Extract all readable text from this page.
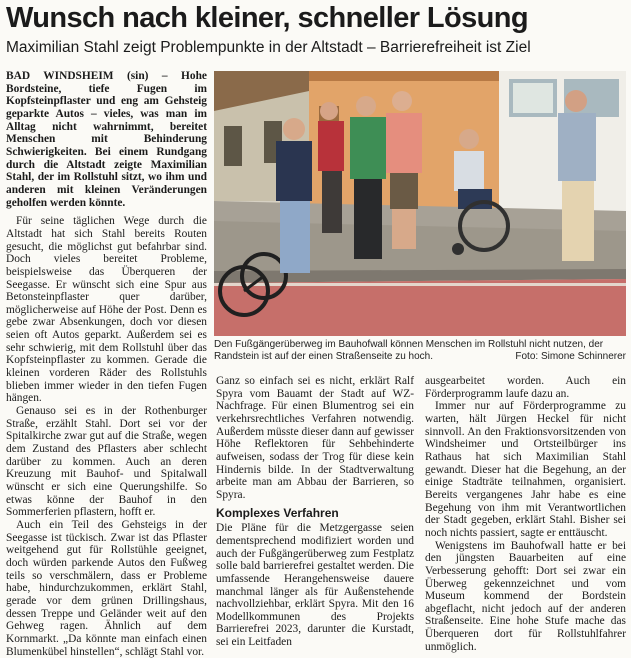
Wunsch nach kleiner, schneller Lösung
Maximilian Stahl zeigt Problempunkte in der Altstadt – Barrierefreiheit ist Ziel

BAD WINDSHEIM (sin) – Hohe Bordsteine, tiefe Fugen im Kopfsteinpflaster und eng am Gehsteig geparkte Autos – vieles, was man im Alltag nicht wahrnimmt, bereitet Menschen mit Behinderung Schwierigkeiten. Bei einem Rundgang durch die Altstadt zeigte Maximilian Stahl, der im Rollstuhl sitzt, wo ihm und anderen mit kleinen Veränderungen geholfen werden könnte.

Für seine täglichen Wege durch die Altstadt hat sich Stahl bereits Routen gesucht, die möglichst gut befahrbar sind. Doch vieles bereitet Probleme, beispielsweise das Überqueren der Seegasse. Er wünscht sich eine Spur aus Betonsteinpflaster quer darüber, möglicherweise auf Höhe der Post. Denn es gebe zwar Absenkungen, doch vor diesen seien oft Autos geparkt. Außerdem sei es sehr schwierig, mit dem Rollstuhl über das Kopfsteinpflaster zu kommen. Gerade die kleinen vorderen Räder des Rollstuhls blieben immer wieder in den tiefen Fugen hängen.

Genauso sei es in der Rothenburger Straße, erzählt Stahl. Dort sei vor der Spitalkirche zwar gut auf die Straße, wegen dem Zustand des Pflasters aber schlecht darüber zu kommen. Auch an deren Kreuzung mit Bauhof- und Spitalwall wünscht er sich eine Querungshilfe. So etwas könne der Bauhof in den Sommerferien pflastern, hofft er.

Auch ein Teil des Gehsteigs in der Seegasse ist tückisch. Zwar ist das Pflaster weitgehend gut für Rollstühle geeignet, doch würden parkende Autos den Fußweg teils so verschmälern, dass er Probleme habe, hindurchzukommen, erklärt Stahl, gerade vor dem grünen Drillingshaus, dessen Treppe und Geländer weit auf den Gehweg ragen. Ähnlich auf dem Kornmarkt. „Da könnte man einfach einen Blumenkübel hinstellen“, schlägt Stahl vor.

Den Fußgängerüberweg im Bauhofwall können Menschen im Rollstuhl nicht nutzen, der Randstein ist auf der einen Straßenseite zu hoch.	Foto: Simone Schinnerer

Ganz so einfach sei es nicht, erklärt Ralf Spyra vom Bauamt der Stadt auf WZ-Nachfrage. Für einen Blumentrog sei ein verkehrsrechtliches Verfahren notwendig. Außerdem müsste dieser dann auf gewisser Höhe Reflektoren für Sehbehinderte aufweisen, sodass der Trog für diese kein Hindernis bilde. In der Stadtverwaltung arbeite man am Abbau der Barrieren, so Spyra.

Komplexes Verfahren

Die Pläne für die Metzgergasse seien dementsprechend modifiziert worden und auch der Fußgängerüberweg zum Festplatz solle bald barrierefrei gestaltet werden. Die umfassende Herangehensweise dauere manchmal länger als für Außenstehende nachvollziehbar, erklärt Spyra. Mit den 16 Modellkommunen des Projekts Barrierefrei 2023, darunter die Kurstadt, sei ein Leitfaden

ausgearbeitet worden. Auch ein Förderprogramm laufe dazu an.

Immer nur auf Förderprogramme zu warten, hält Jürgen Heckel für nicht sinnvoll. An den Fraktionsvorsitzenden von Windsheimer und Ortsteilbürger ins Rathaus hat sich Maximilian Stahl gewandt. Dieser hat die Begehung, an der einige Stadträte teilnahmen, organisiert. Bereits vergangenes Jahr habe es eine Begehung von ihm mit Verantwortlichen der Stadt gegeben, erklärt Stahl. Bisher sei noch nichts passiert, sagte er enttäuscht.

Wenigstens im Bauhofwall hatte er bei den jüngsten Bauarbeiten auf eine Verbesserung gehofft: Dort sei zwar ein Überweg gekennzeichnet und vom Museum kommend der Bordstein abgeflacht, nicht jedoch auf der anderen Straßenseite. Eine hohe Stufe mache das Überqueren dort für Rollstuhlfahrer unmöglich.
